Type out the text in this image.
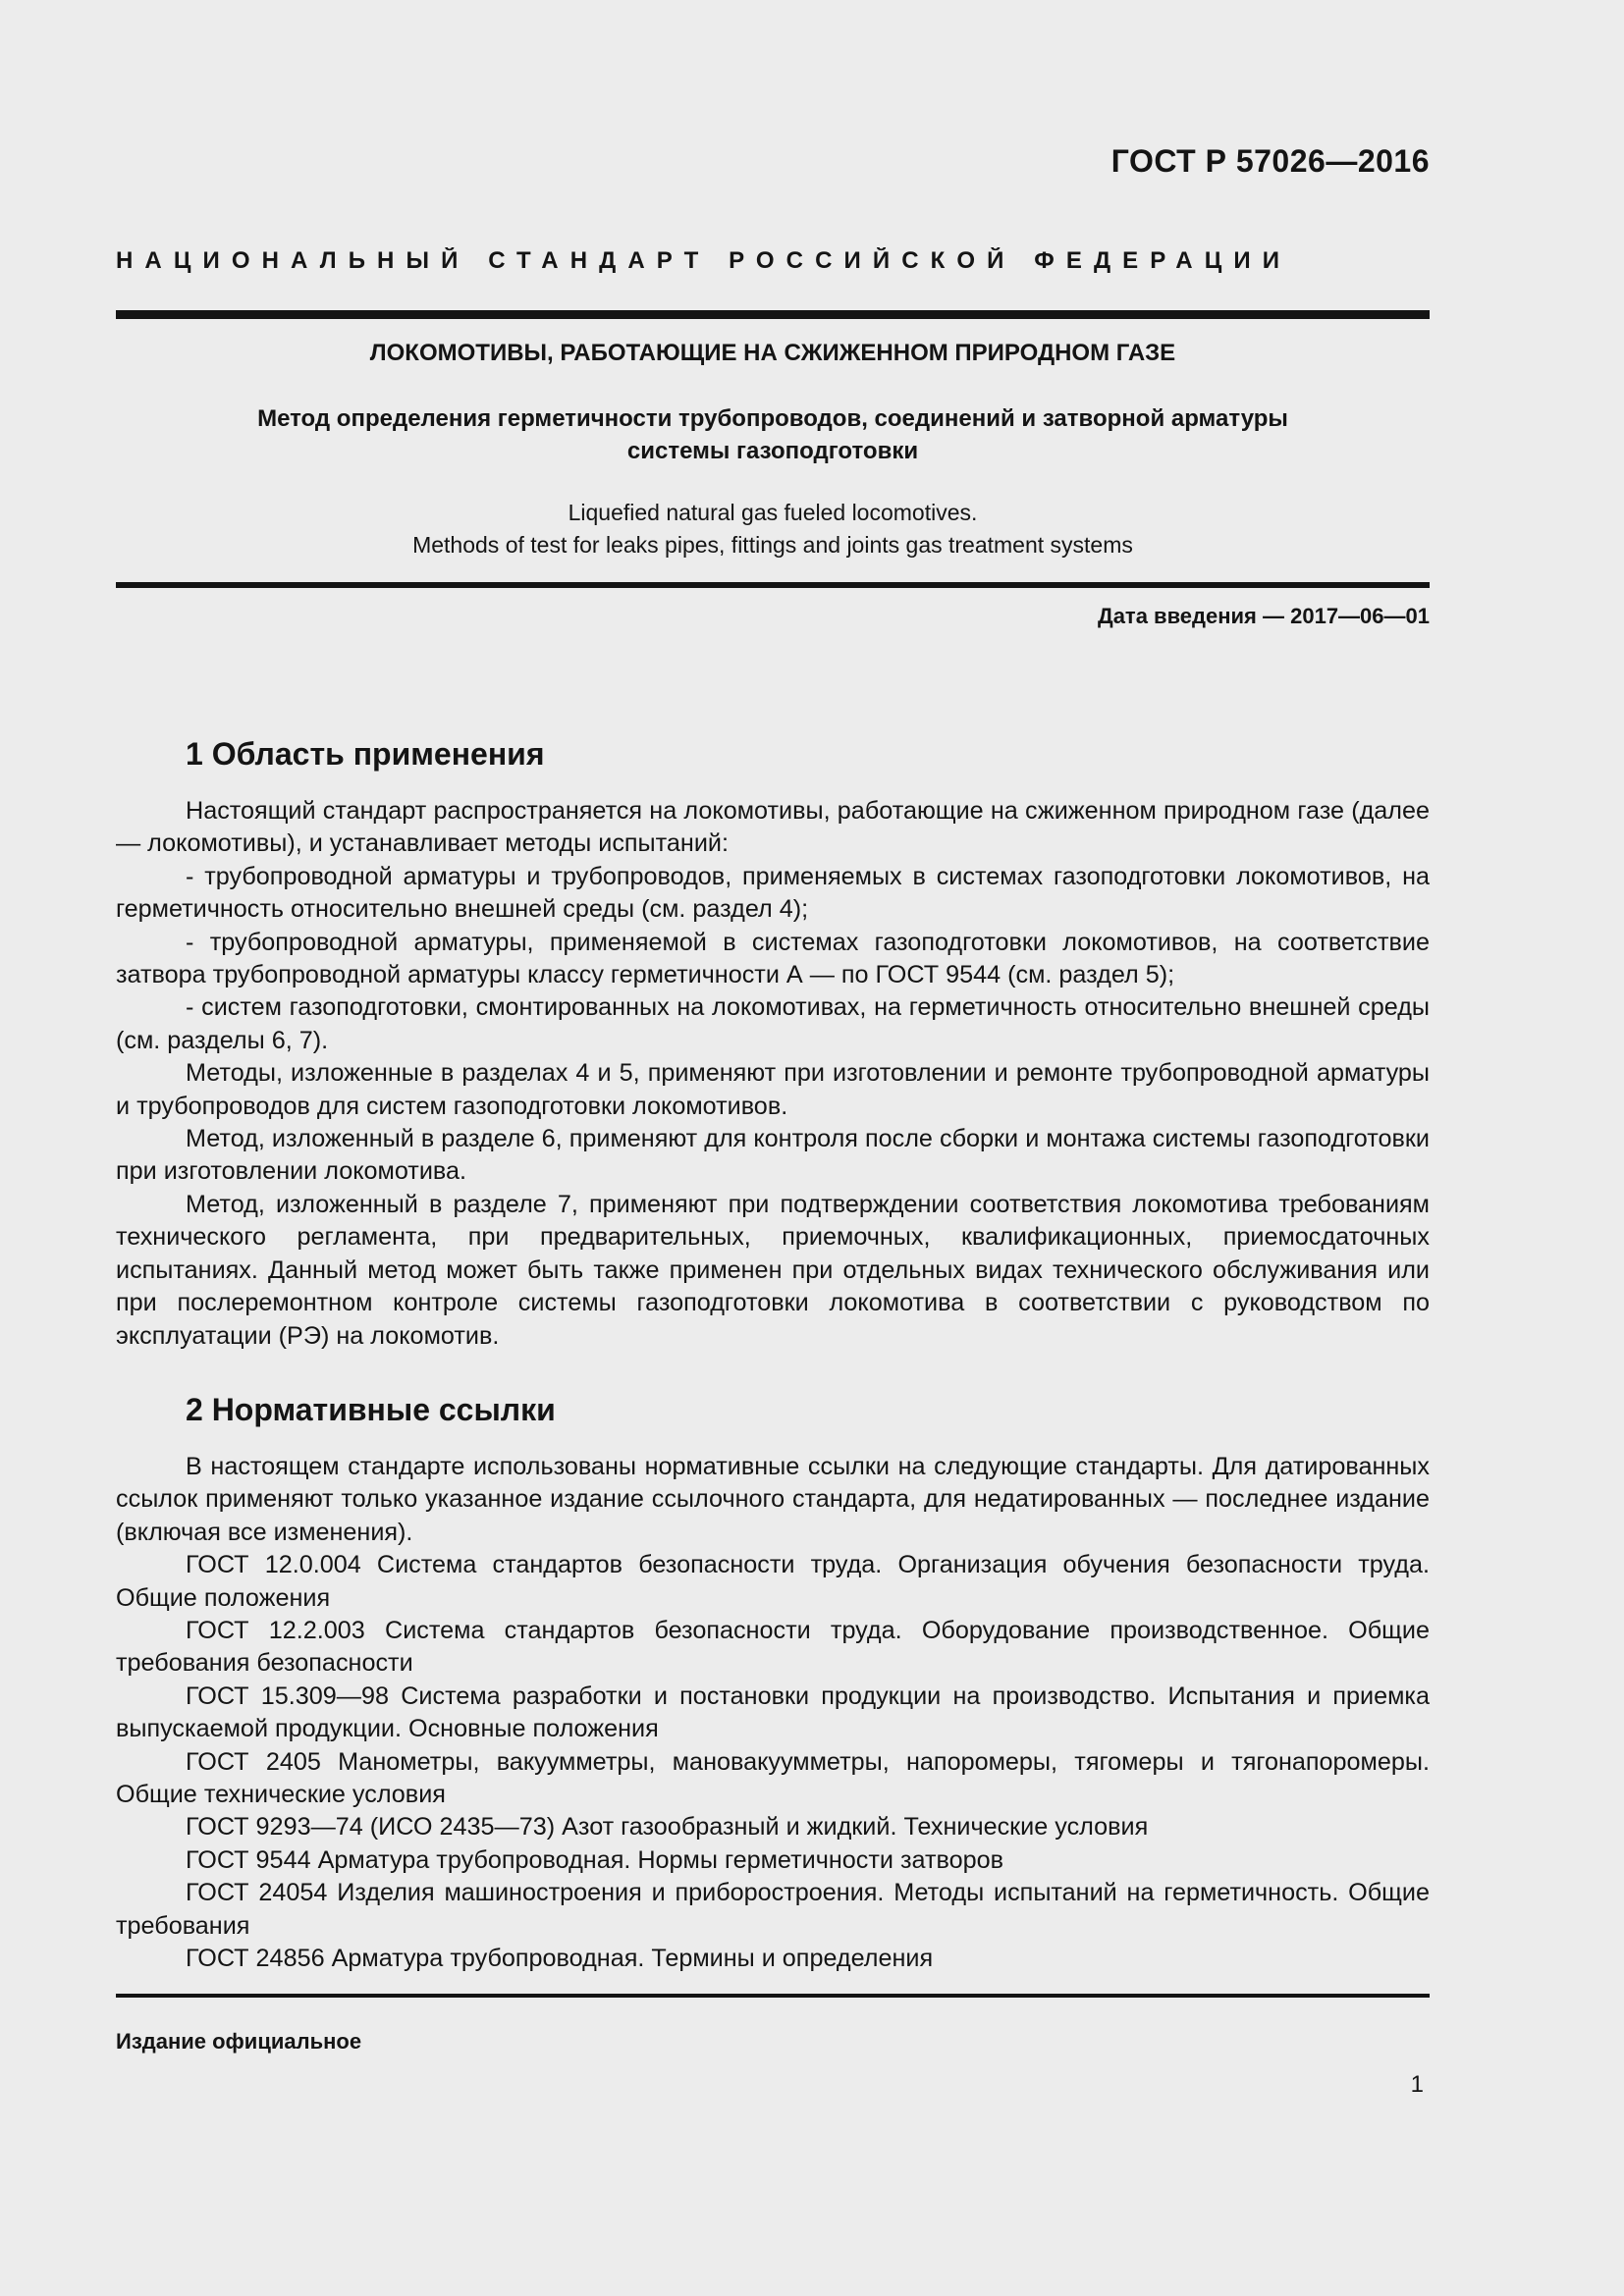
ГОСТ Р 57026—2016
НАЦИОНАЛЬНЫЙ СТАНДАРТ РОССИЙСКОЙ ФЕДЕРАЦИИ
ЛОКОМОТИВЫ, РАБОТАЮЩИЕ НА СЖИЖЕННОМ ПРИРОДНОМ ГАЗЕ
Метод определения герметичности трубопроводов, соединений и затворной арматуры
системы газоподготовки
Liquefied natural gas fueled locomotives.
Methods of test for leaks pipes, fittings and joints gas treatment systems
Дата введения — 2017—06—01
1 Область применения

Настоящий стандарт распространяется на локомотивы, работающие на сжиженном природном газе (далее — локомотивы), и устанавливает методы испытаний:

- трубопроводной арматуры и трубопроводов, применяемых в системах газоподготовки локомотивов, на герметичность относительно внешней среды (см. раздел 4);

- трубопроводной арматуры, применяемой в системах газоподготовки локомотивов, на соответствие затвора трубопроводной арматуры классу герметичности А — по ГОСТ 9544 (см. раздел 5);

- систем газоподготовки, смонтированных на локомотивах, на герметичность относительно внешней среды (см. разделы 6, 7).

Методы, изложенные в разделах 4 и 5, применяют при изготовлении и ремонте трубопроводной арматуры и трубопроводов для систем газоподготовки локомотивов.

Метод, изложенный в разделе 6, применяют для контроля после сборки и монтажа системы газоподготовки при изготовлении локомотива.

Метод, изложенный в разделе 7, применяют при подтверждении соответствия локомотива требованиям технического регламента, при предварительных, приемочных, квалификационных, приемосдаточных испытаниях. Данный метод может быть также применен при отдельных видах технического обслуживания или при послеремонтном контроле системы газоподготовки локомотива в соответствии с руководством по эксплуатации (РЭ) на локомотив.

2 Нормативные ссылки

В настоящем стандарте использованы нормативные ссылки на следующие стандарты. Для датированных ссылок применяют только указанное издание ссылочного стандарта, для недатированных — последнее издание (включая все изменения).

ГОСТ 12.0.004 Система стандартов безопасности труда. Организация обучения безопасности труда. Общие положения

ГОСТ 12.2.003 Система стандартов безопасности труда. Оборудование производственное. Общие требования безопасности

ГОСТ 15.309—98 Система разработки и постановки продукции на производство. Испытания и приемка выпускаемой продукции. Основные положения

ГОСТ 2405 Манометры, вакуумметры, мановакуумметры, напоромеры, тягомеры и тягонапоромеры. Общие технические условия

ГОСТ 9293—74 (ИСО 2435—73) Азот газообразный и жидкий. Технические условия

ГОСТ 9544 Арматура трубопроводная. Нормы герметичности затворов

ГОСТ 24054 Изделия машиностроения и приборостроения. Методы испытаний на герметичность. Общие требования

ГОСТ 24856 Арматура трубопроводная. Термины и определения

Издание официальное
1
